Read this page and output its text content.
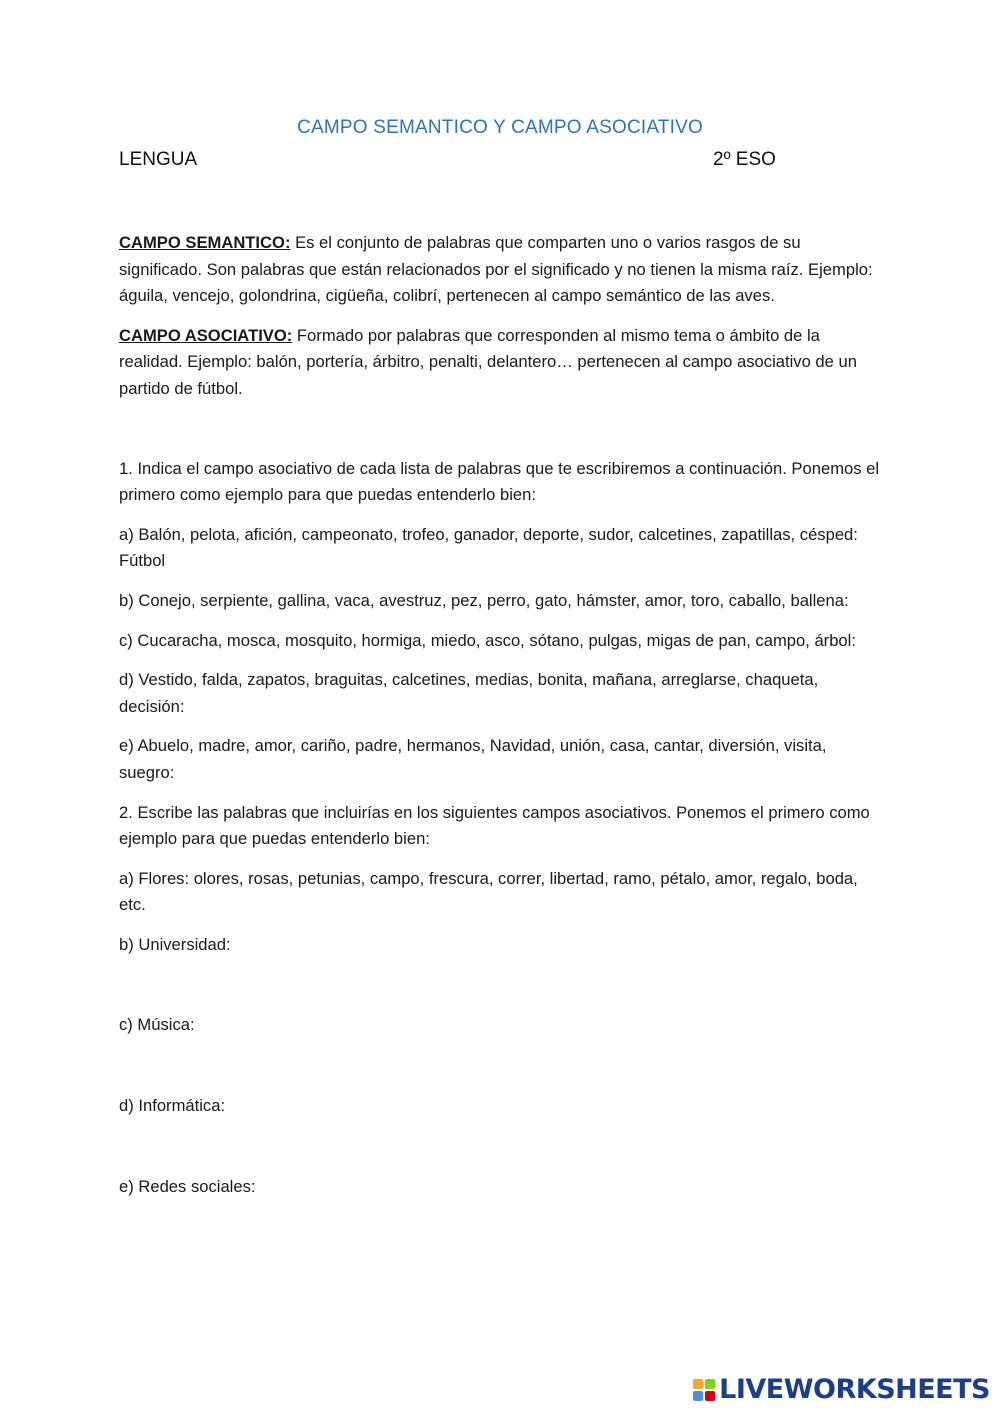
CAMPO SEMANTICO Y CAMPO ASOCIATIVO
LENGUA	2º ESO

CAMPO SEMANTICO: Es el conjunto de palabras que comparten uno o varios rasgos de su significado. Son palabras que están relacionados por el significado y no tienen la misma raíz. Ejemplo: águila, vencejo, golondrina, cigüeña, colibrí, pertenecen al campo semántico de las aves.

CAMPO ASOCIATIVO: Formado por palabras que corresponden al mismo tema o ámbito de la realidad. Ejemplo: balón, portería, árbitro, penalti, delantero… pertenecen al campo asociativo de un partido de fútbol.

1. Indica el campo asociativo de cada lista de palabras que te escribiremos a continuación. Ponemos el primero como ejemplo para que puedas entenderlo bien:

a) Balón, pelota, afición, campeonato, trofeo, ganador, deporte, sudor, calcetines, zapatillas, césped: Fútbol

b) Conejo, serpiente, gallina, vaca, avestruz, pez, perro, gato, hámster, amor, toro, caballo, ballena:

c) Cucaracha, mosca, mosquito, hormiga, miedo, asco, sótano, pulgas, migas de pan, campo, árbol:

d) Vestido, falda, zapatos, braguitas, calcetines, medias, bonita, mañana, arreglarse, chaqueta, decisión:

e) Abuelo, madre, amor, cariño, padre, hermanos, Navidad, unión, casa, cantar, diversión, visita, suegro:

2. Escribe las palabras que incluirías en los siguientes campos asociativos. Ponemos el primero como ejemplo para que puedas entenderlo bien:

a) Flores: olores, rosas, petunias, campo, frescura, correr, libertad, ramo, pétalo, amor, regalo, boda, etc.

b) Universidad:

c) Música:

d) Informática:

e) Redes sociales:

LIVEWORKSHEETS
